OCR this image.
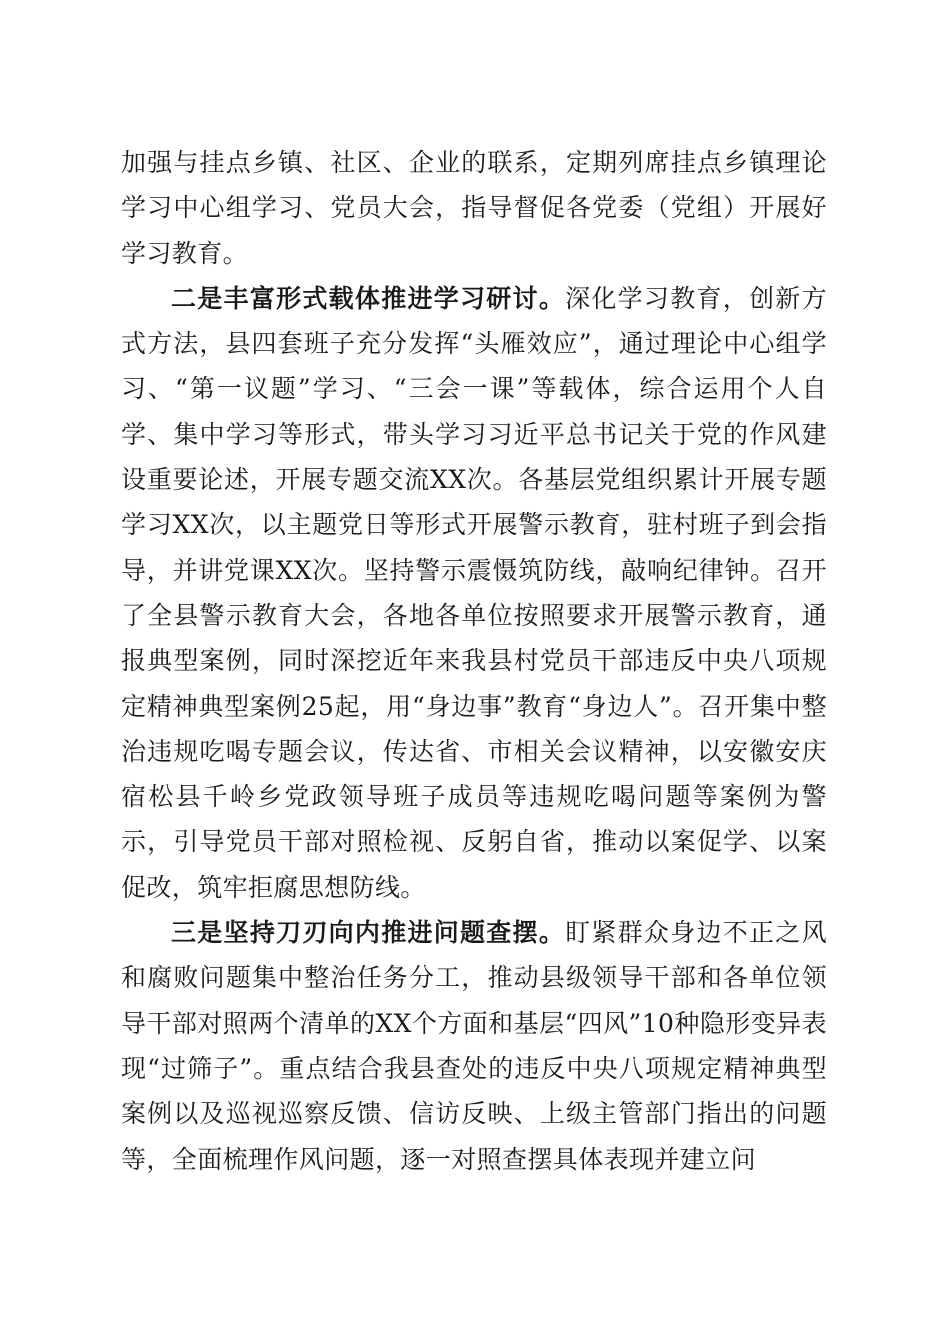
加强与挂点乡镇、社区、企业的联系，定期列席挂点乡镇理论学习中心组学习、党员大会，指导督促各党委（党组）开展好学习教育。

二是丰富形式载体推进学习研讨。深化学习教育，创新方式方法，县四套班子充分发挥“头雁效应”，通过理论中心组学习、“第一议题”学习、“三会一课”等载体，综合运用个人自学、集中学习等形式，带头学习习近平总书记关于党的作风建设重要论述，开展专题交流XX次。各基层党组织累计开展专题学习XX次，以主题党日等形式开展警示教育，驻村班子到会指导，并讲党课XX次。坚持警示震慑筑防线，敲响纪律钟。召开了全县警示教育大会，各地各单位按照要求开展警示教育，通报典型案例，同时深挖近年来我县村党员干部违反中央八项规定精神典型案例25起，用“身边事”教育“身边人”。召开集中整治违规吃喝专题会议，传达省、市相关会议精神，以安徽安庆宿松县千岭乡党政领导班子成员等违规吃喝问题等案例为警示，引导党员干部对照检视、反躬自省，推动以案促学、以案促改，筑牢拒腐思想防线。

三是坚持刀刃向内推进问题查摆。盯紧群众身边不正之风和腐败问题集中整治任务分工，推动县级领导干部和各单位领导干部对照两个清单的XX个方面和基层“四风”10种隐形变异表现“过筛子”。重点结合我县查处的违反中央八项规定精神典型案例以及巡视巡察反馈、信访反映、上级主管部门指出的问题等，全面梳理作风问题，逐一对照查摆具体表现并建立问
